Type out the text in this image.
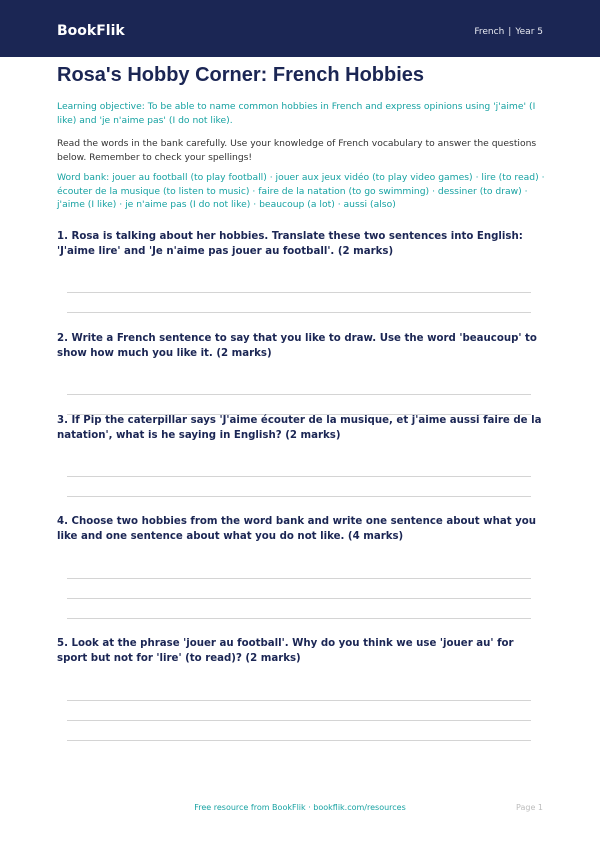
BookFlik	French | Year 5
Rosa's Hobby Corner: French Hobbies
Learning objective: To be able to name common hobbies in French and express opinions using 'j'aime' (I like) and 'je n'aime pas' (I do not like).
Read the words in the bank carefully. Use your knowledge of French vocabulary to answer the questions below. Remember to check your spellings!
Word bank: jouer au football (to play football) · jouer aux jeux vidéo (to play video games) · lire (to read) · écouter de la musique (to listen to music) · faire de la natation (to go swimming) · dessiner (to draw) · j'aime (I like) · je n'aime pas (I do not like) · beaucoup (a lot) · aussi (also)
1. Rosa is talking about her hobbies. Translate these two sentences into English: 'J'aime lire' and 'Je n'aime pas jouer au football'. (2 marks)
2. Write a French sentence to say that you like to draw. Use the word 'beaucoup' to show how much you like it. (2 marks)
3. If Pip the caterpillar says 'J'aime écouter de la musique, et j'aime aussi faire de la natation', what is he saying in English? (2 marks)
4. Choose two hobbies from the word bank and write one sentence about what you like and one sentence about what you do not like. (4 marks)
5. Look at the phrase 'jouer au football'. Why do you think we use 'jouer au' for sport but not for 'lire' (to read)? (2 marks)
Free resource from BookFlik · bookflik.com/resources	Page 1
